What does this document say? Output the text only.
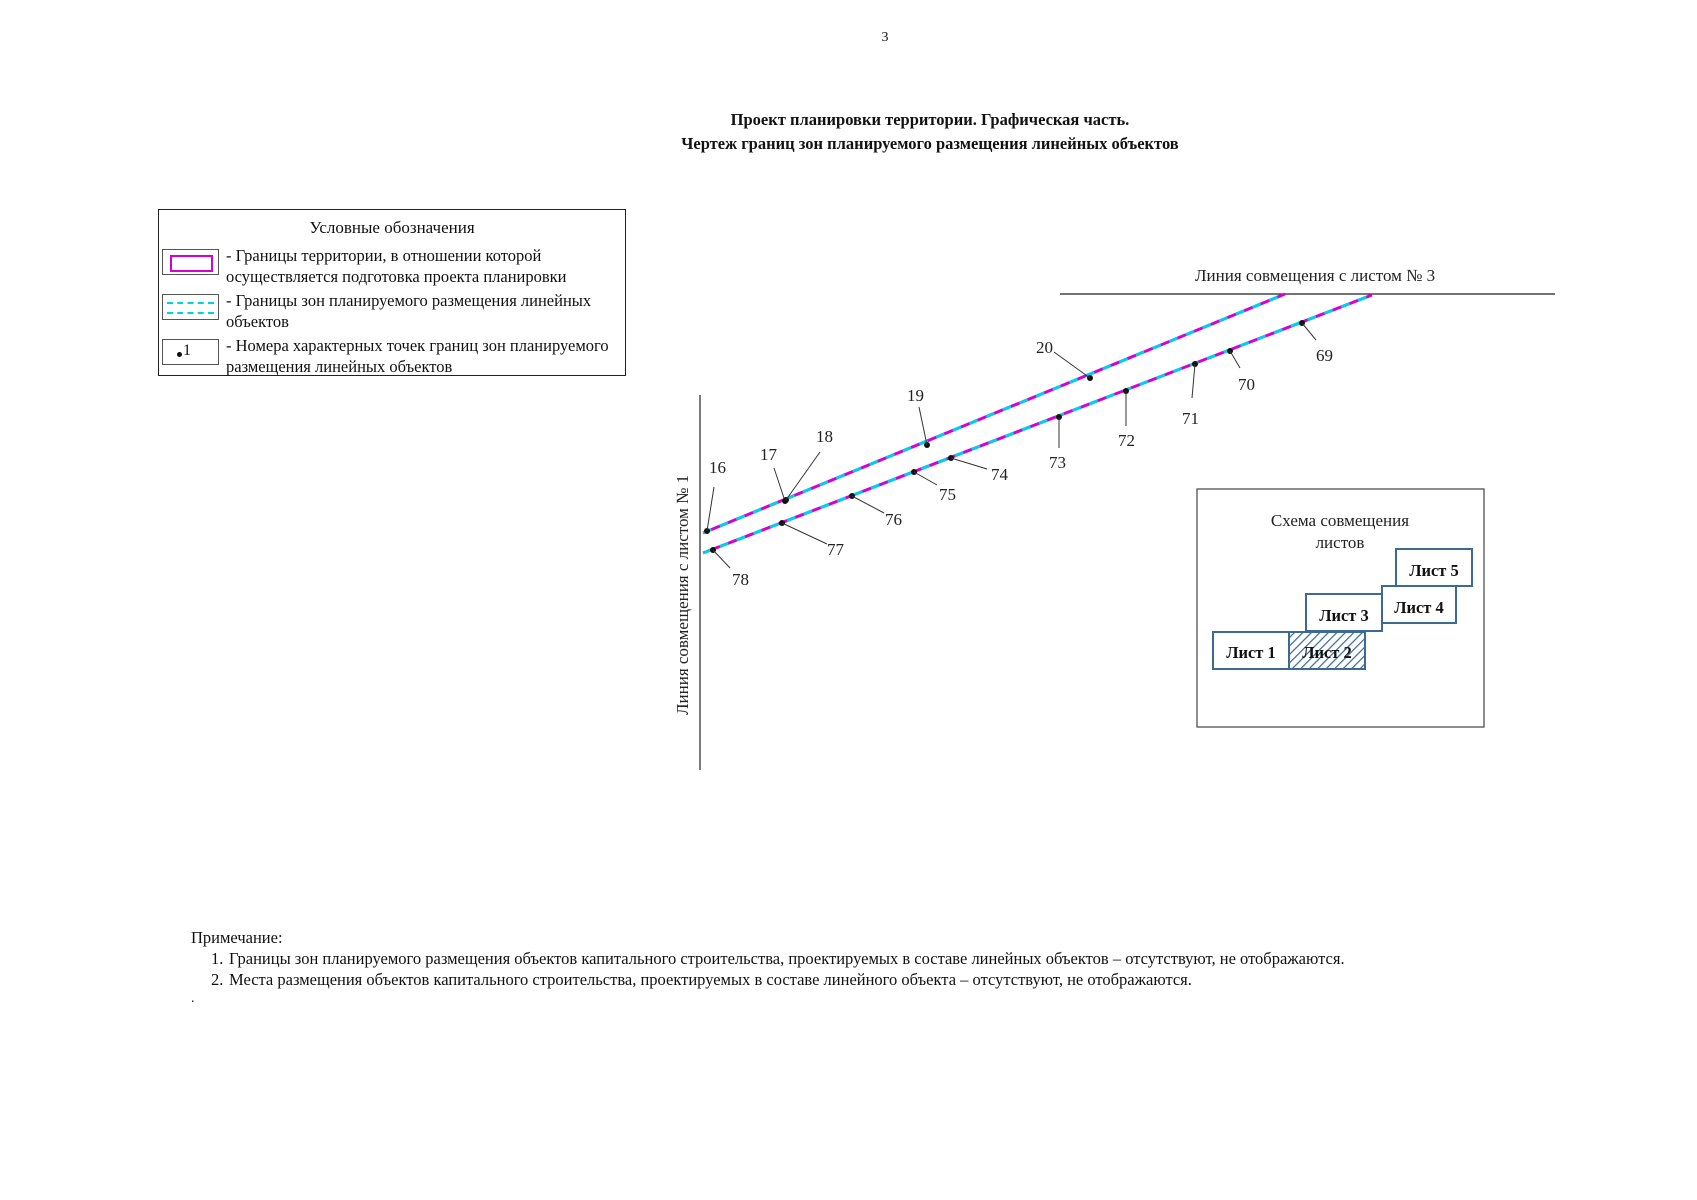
3
Проект планировки территории. Графическая часть.
Чертеж границ зон планируемого размещения линейных объектов
Условные обозначения
- Границы территории, в отношении которой осуществляется подготовка проекта планировки
- Границы зон планируемого размещения линейных объектов
1 - Номера характерных точек границ зон планируемого размещения линейных объектов
Линия совмещения с листом № 1
Линия совмещения с листом № 3
16
17
18
19
20
78
77
76
75
74
73
72
71
70
69
Схема совмещения
листов
Лист 1 Лист 2
Лист 3 Лист 4
Лист 5

Примечание:

1. Границы зон планируемого размещения объектов капитального строительства, проектируемых в составе линейных объектов – отсутствуют, не отображаются.
2. Места размещения объектов капитального строительства, проектируемых в составе линейного объекта – отсутствуют, не отображаются.
.
